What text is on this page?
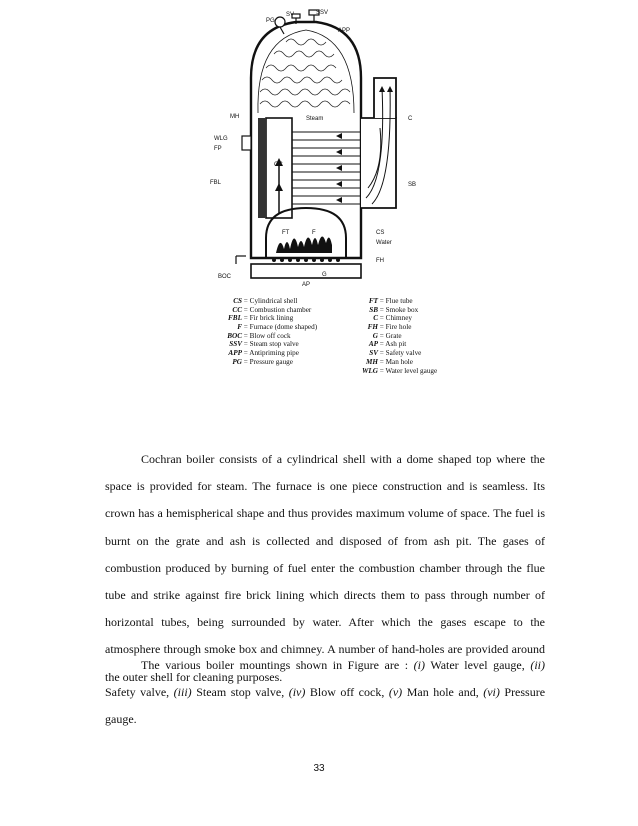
SSV
SV
PG
APP
MH	Steam	C
WLG
FP
CC
FBL	SB
FT	F	CS
Water
FH
BOC	G
AP
CS = Cylindrical shell
CC = Combustion chamber
FBL = Fir brick lining
F = Furnace (dome shaped)
BOC = Blow off cock
SSV = Steam stop valve
APP = Antipriming pipe
PG = Pressure gauge
FT = Flue tube
SB = Smoke box
C = Chimney
FH = Fire hole
G = Grate
AP = Ash pit
SV = Safety valve
MH = Man hole
WLG = Water level gauge
Cochran boiler consists of a cylindrical shell with a dome shaped top where the space is provided for steam. The furnace is one piece construction and is seamless. Its crown has a hemispherical shape and thus provides maximum volume of space. The fuel is burnt on the grate and ash is collected and disposed of from ash pit. The gases of combustion produced by burning of fuel enter the combustion chamber through the flue tube and strike against fire brick lining which directs them to pass through number of horizontal tubes, being surrounded by water. After which the gases escape to the atmosphere through smoke box and chimney. A number of hand-holes are provided around the outer shell for cleaning purposes.
The various boiler mountings shown in Figure are : (i) Water level gauge, (ii) Safety valve, (iii) Steam stop valve, (iv) Blow off cock, (v) Man hole and, (vi) Pressure gauge.
33
